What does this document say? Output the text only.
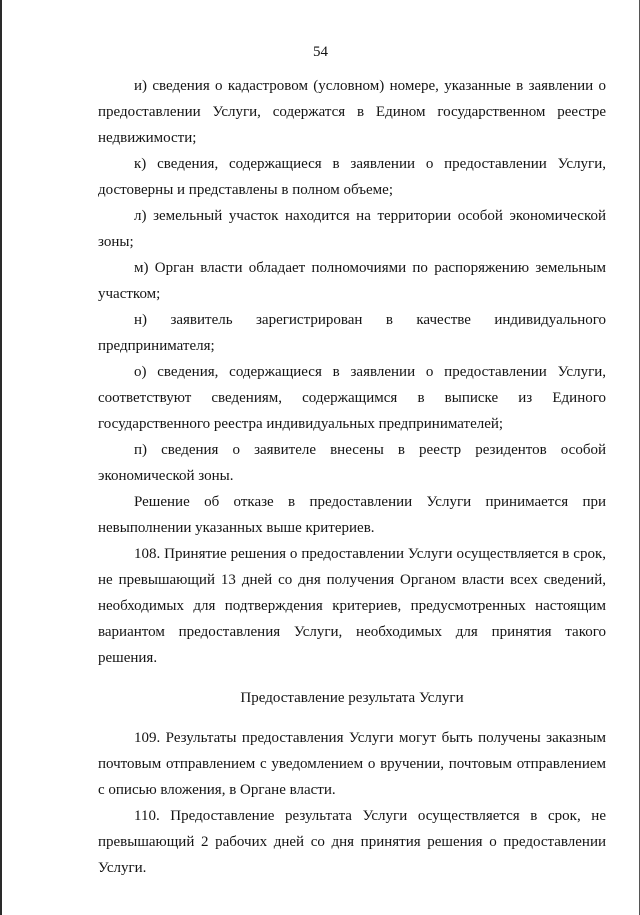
54

и) сведения о кадастровом (условном) номере, указанные в заявлении о предоставлении Услуги, содержатся в Едином государственном реестре недвижимости;

к) сведения, содержащиеся в заявлении о предоставлении Услуги, достоверны и представлены в полном объеме;

л) земельный участок находится на территории особой экономической зоны;

м) Орган власти обладает полномочиями по распоряжению земельным участком;

н) заявитель зарегистрирован в качестве индивидуального предпринимателя;

о) сведения, содержащиеся в заявлении о предоставлении Услуги, соответствуют сведениям, содержащимся в выписке из Единого государственного реестра индивидуальных предпринимателей;

п) сведения о заявителе внесены в реестр резидентов особой экономической зоны.

Решение об отказе в предоставлении Услуги принимается при невыполнении указанных выше критериев.

108. Принятие решения о предоставлении Услуги осуществляется в срок, не превышающий 13 дней со дня получения Органом власти всех сведений, необходимых для подтверждения критериев, предусмотренных настоящим вариантом предоставления Услуги, необходимых для принятия такого решения.

Предоставление результата Услуги

109. Результаты предоставления Услуги могут быть получены заказным почтовым отправлением с уведомлением о вручении, почтовым отправлением с описью вложения, в Органе власти.

110. Предоставление результата Услуги осуществляется в срок, не превышающий 2 рабочих дней со дня принятия решения о предоставлении Услуги.
